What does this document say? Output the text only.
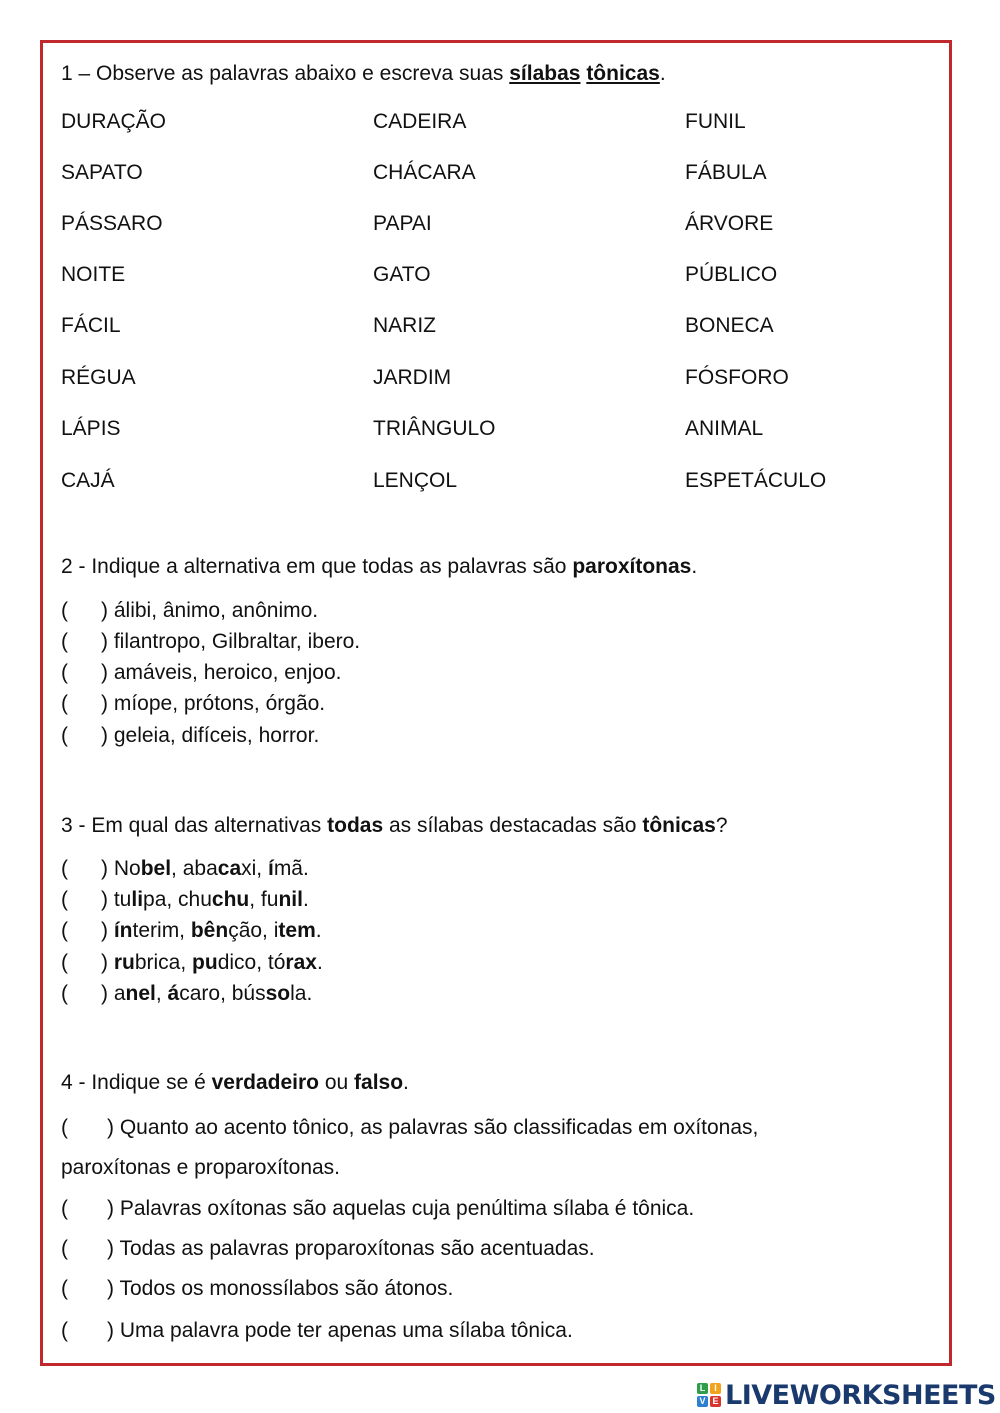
1 – Observe as palavras abaixo e escreva suas sílabas tônicas.
DURAÇÃO
SAPATO
PÁSSARO
NOITE
FÁCIL
RÉGUA
LÁPIS
CAJÁ
CADEIRA
CHÁCARA
PAPAI
GATO
NARIZ
JARDIM
TRIÂNGULO
LENÇOL
FUNIL
FÁBULA
ÁRVORE
PÚBLICO
BONECA
FÓSFORO
ANIMAL
ESPETÁCULO
2 - Indique a alternativa em que todas as palavras são paroxítonas.
( ) álibi, ânimo, anônimo.
( ) filantropo, Gilbraltar, ibero.
( ) amáveis, heroico, enjoo.
( ) míope, prótons, órgão.
( ) geleia, difíceis, horror.
3 - Em qual das alternativas todas as sílabas destacadas são tônicas?
( ) Nobel, abacaxi, ímã.
( ) tulipa, chuchu, funil.
( ) ínterim, bênção, item.
( ) rubrica, pudico, tórax.
( ) anel, ácaro, bússola.
4 - Indique se é verdadeiro ou falso.
( ) Quanto ao acento tônico, as palavras são classificadas em oxítonas,
paroxítonas e proparoxítonas.
( ) Palavras oxítonas são aquelas cuja penúltima sílaba é tônica.
( ) Todas as palavras proparoxítonas são acentuadas.
( ) Todos os monossílabos são átonos.
( ) Uma palavra pode ter apenas uma sílaba tônica.
L I
V E LIVEWORKSHEETS
